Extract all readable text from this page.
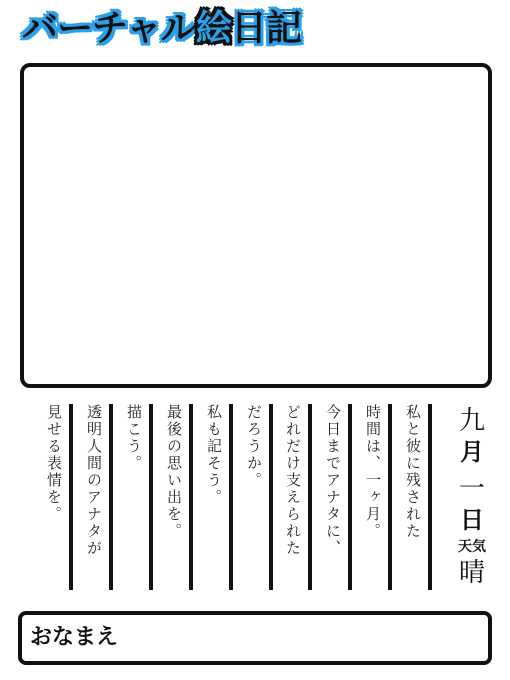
バーチャル絵日記
私と彼に残された
時間は、一ヶ月。
今日までアナタに、
どれだけ支えられた
だろうか。
私も記そう。
最後の思い出を。
描こう。
透明人間のアナタが
見せる表情を。	九
月
一
日
天気
晴
おなまえ
